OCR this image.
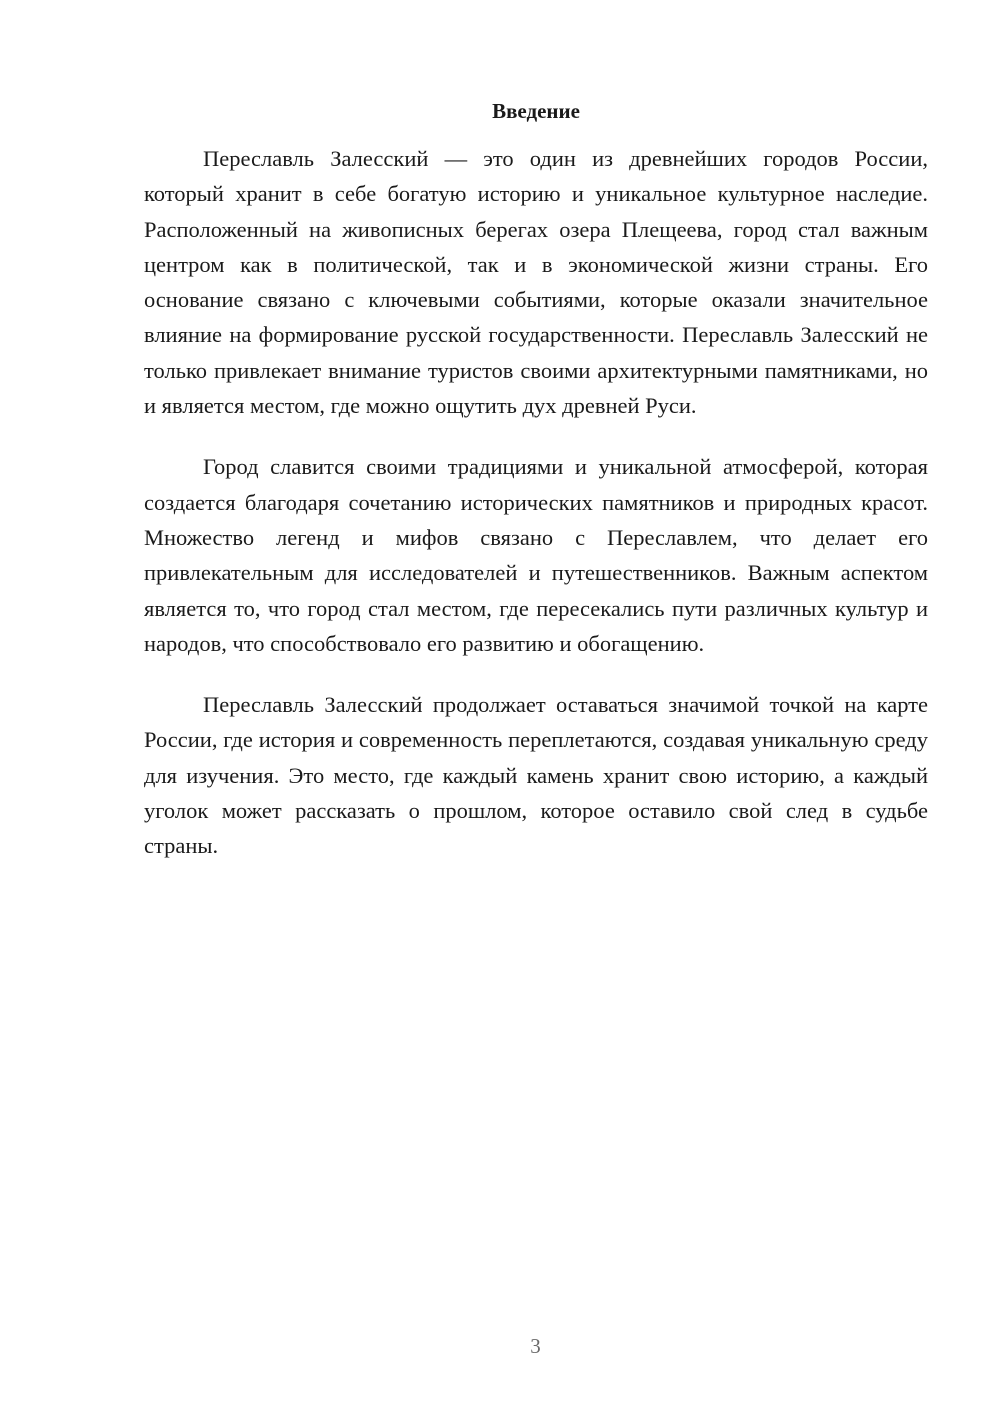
Введение

Переславль Залесский — это один из древнейших городов России, который хранит в себе богатую историю и уникальное культурное наследие. Расположенный на живописных берегах озера Плещеева, город стал важным центром как в политической, так и в экономической жизни страны. Его основание связано с ключевыми событиями, которые оказали значительное влияние на формирование русской государственности. Переславль Залесский не только привлекает внимание туристов своими архитектурными памятниками, но и является местом, где можно ощутить дух древней Руси.

Город славится своими традициями и уникальной атмосферой, которая создается благодаря сочетанию исторических памятников и природных красот. Множество легенд и мифов связано с Переславлем, что делает его привлекательным для исследователей и путешественников. Важным аспектом является то, что город стал местом, где пересекались пути различных культур и народов, что способствовало его развитию и обогащению.

Переславль Залесский продолжает оставаться значимой точкой на карте России, где история и современность переплетаются, создавая уникальную среду для изучения. Это место, где каждый камень хранит свою историю, а каждый уголок может рассказать о прошлом, которое оставило свой след в судьбе страны.

3
